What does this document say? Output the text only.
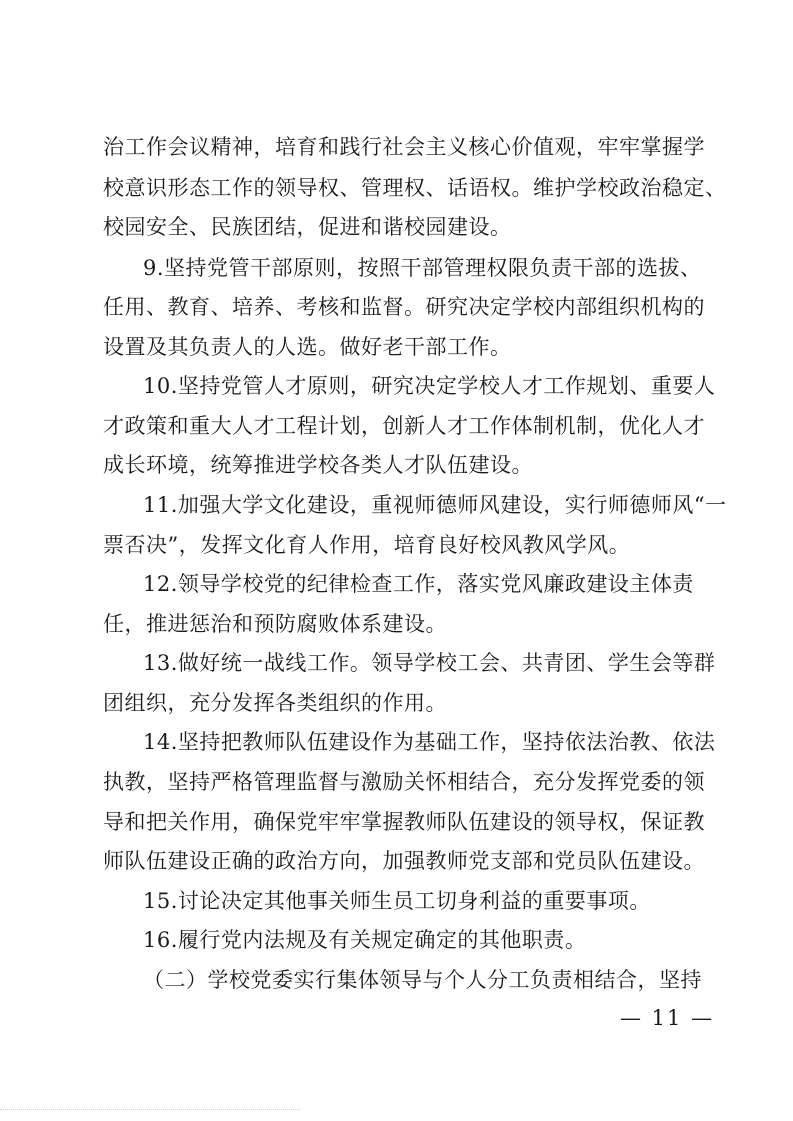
治工作会议精神，培育和践行社会主义核心价值观，牢牢掌握学
校意识形态工作的领导权、管理权、话语权。维护学校政治稳定、
校园安全、民族团结，促进和谐校园建设。
9.坚持党管干部原则，按照干部管理权限负责干部的选拔、
任用、教育、培养、考核和监督。研究决定学校内部组织机构的
设置及其负责人的人选。做好老干部工作。
10.坚持党管人才原则，研究决定学校人才工作规划、重要人
才政策和重大人才工程计划，创新人才工作体制机制，优化人才
成长环境，统筹推进学校各类人才队伍建设。
11.加强大学文化建设，重视师德师风建设，实行师德师风“一
票否决”，发挥文化育人作用，培育良好校风教风学风。
12.领导学校党的纪律检查工作，落实党风廉政建设主体责
任，推进惩治和预防腐败体系建设。
13.做好统一战线工作。领导学校工会、共青团、学生会等群
团组织，充分发挥各类组织的作用。
14.坚持把教师队伍建设作为基础工作，坚持依法治教、依法
执教，坚持严格管理监督与激励关怀相结合，充分发挥党委的领
导和把关作用，确保党牢牢掌握教师队伍建设的领导权，保证教
师队伍建设正确的政治方向，加强教师党支部和党员队伍建设。
15.讨论决定其他事关师生员工切身利益的重要事项。
16.履行党内法规及有关规定确定的其他职责。
（二）学校党委实行集体领导与个人分工负责相结合，坚持
— 11 —
